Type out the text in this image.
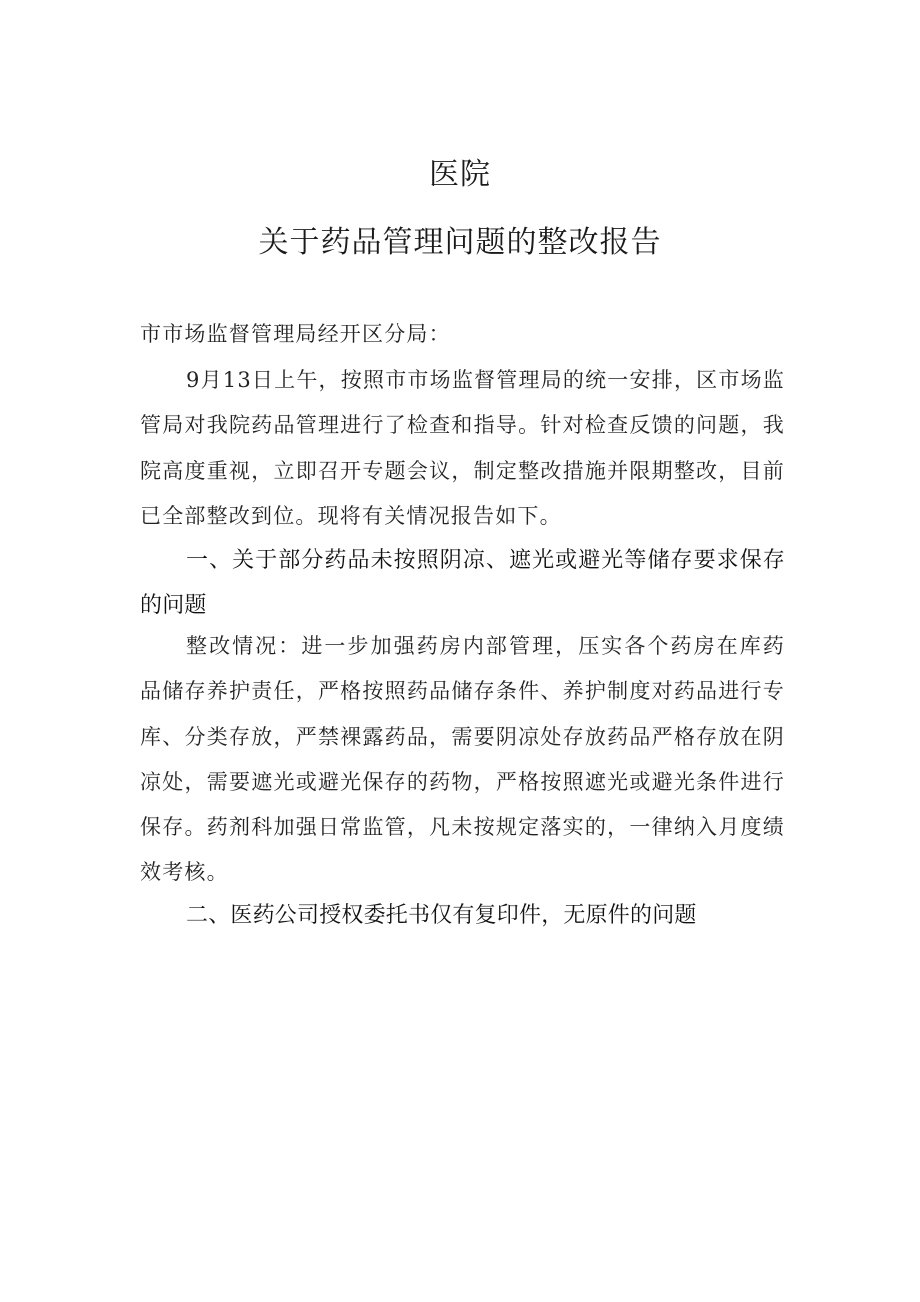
医院
关于药品管理问题的整改报告

市市场监督管理局经开区分局：

9月13日上午，按照市市场监督管理局的统一安排，区市场监管局对我院药品管理进行了检查和指导。针对检查反馈的问题，我院高度重视，立即召开专题会议，制定整改措施并限期整改，目前已全部整改到位。现将有关情况报告如下。

一、关于部分药品未按照阴凉、遮光或避光等储存要求保存的问题

整改情况：进一步加强药房内部管理，压实各个药房在库药品储存养护责任，严格按照药品储存条件、养护制度对药品进行专库、分类存放，严禁裸露药品，需要阴凉处存放药品严格存放在阴凉处，需要遮光或避光保存的药物，严格按照遮光或避光条件进行保存。药剂科加强日常监管，凡未按规定落实的，一律纳入月度绩效考核。

二、医药公司授权委托书仅有复印件，无原件的问题
